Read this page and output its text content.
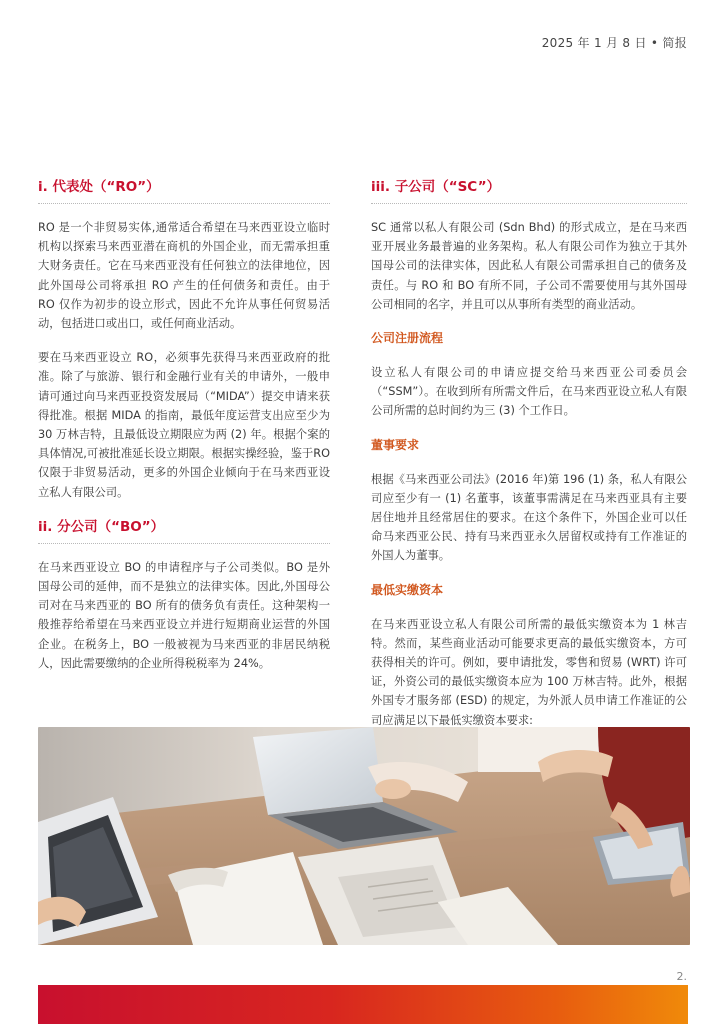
2025 年 1 月 8 日 • 简报
i. 代表处（“RO”）

RO 是一个非贸易实体,通常适合希望在马来西亚设立临时机构以探索马来西亚潜在商机的外国企业，而无需承担重大财务责任。它在马来西亚没有任何独立的法律地位，因此外国母公司将承担 RO 产生的任何债务和责任。由于 RO 仅作为初步的设立形式，因此不允许从事任何贸易活动，包括进口或出口，或任何商业活动。

要在马来西亚设立 RO，必须事先获得马来西亚政府的批准。除了与旅游、银行和金融行业有关的申请外，一般申请可通过向马来西亚投资发展局（“MIDA”）提交申请来获得批准。根据 MIDA 的指南，最低年度运营支出应至少为 30 万林吉特，且最低设立期限应为两 (2) 年。根据个案的具体情况,可被批准延长设立期限。根据实操经验，鉴于RO 仅限于非贸易活动，更多的外国企业倾向于在马来西亚设立私人有限公司。

ii. 分公司（“BO”）

在马来西亚设立 BO 的申请程序与子公司类似。BO 是外国母公司的延伸，而不是独立的法律实体。因此,外国母公司对在马来西亚的 BO 所有的债务负有责任。这种架构一般推荐给希望在马来西亚设立并进行短期商业运营的外国企业。在税务上，BO 一般被视为马来西亚的非居民纳税人，因此需要缴纳的企业所得税税率为 24%。

iii. 子公司（“SC”）

SC 通常以私人有限公司 (Sdn Bhd) 的形式成立，是在马来西亚开展业务最普遍的业务架构。私人有限公司作为独立于其外国母公司的法律实体，因此私人有限公司需承担自己的债务及责任。与 RO 和 BO 有所不同，子公司不需要使用与其外国母公司相同的名字，并且可以从事所有类型的商业活动。

公司注册流程

设立私人有限公司的申请应提交给马来西亚公司委员会（“SSM”）。在收到所有所需文件后，在马来西亚设立私人有限公司所需的总时间约为三 (3) 个工作日。

董事要求

根据《马来西亚公司法》(2016 年)第 196 (1) 条，私人有限公司应至少有一 (1) 名董事，该董事需满足在马来西亚具有主要居住地并且经常居住的要求。在这个条件下，外国企业可以任命马来西亚公民、持有马来西亚永久居留权或持有工作准证的外国人为董事。

最低实缴资本

在马来西亚设立私人有限公司所需的最低实缴资本为 1 林吉特。然而，某些商业活动可能要求更高的最低实缴资本，方可获得相关的许可。例如，要申请批发，零售和贸易 (WRT) 许可证，外资公司的最低实缴资本应为 100 万林吉特。此外，根据外国专才服务部 (ESD) 的规定，为外派人员申请工作准证的公司应满足以下最低实缴资本要求:

2.
